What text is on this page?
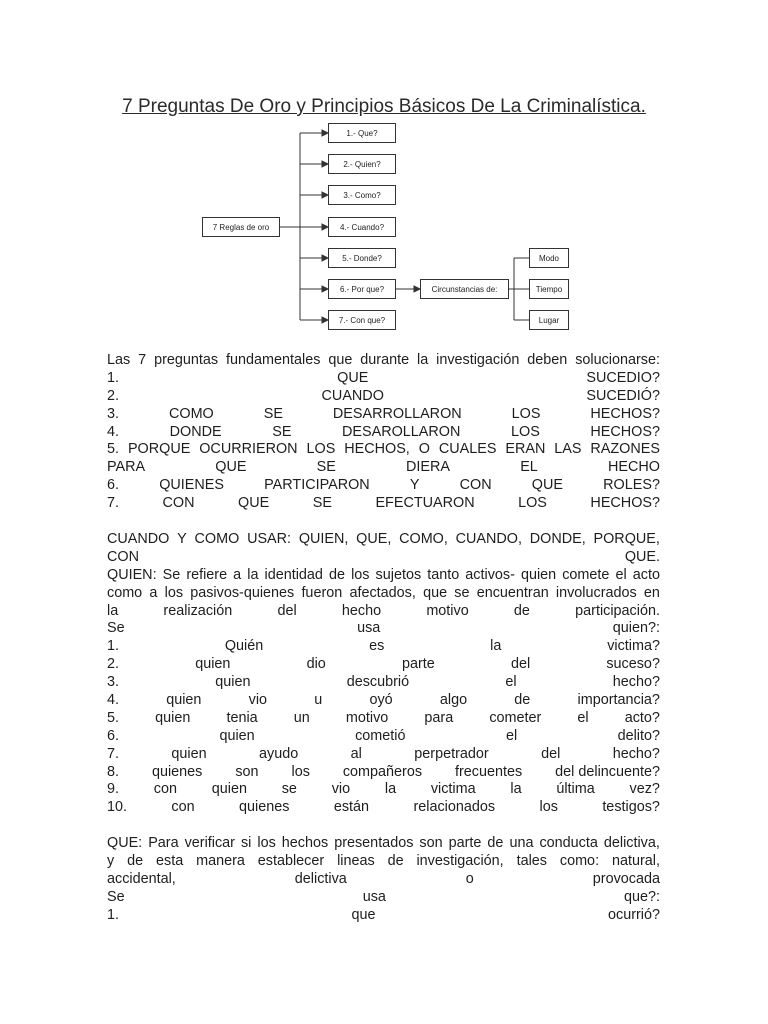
7 Preguntas De Oro y Principios Básicos De La Criminalística.
7 Reglas de oro
1.- Que?
2.- Quien?
3.- Como?
4.- Cuando?
5.- Donde?
6.- Por que?
7.- Con que?
Circunstancias de:
Modo
Tiempo
Lugar
Las 7 preguntas fundamentales que durante la investigación deben solucionarse:
1.	QUE	SUCEDIO?
2.	CUANDO	SUCEDIÓ?
3.	COMO	SE	DESARROLLARON	LOS	HECHOS?
4.	DONDE	SE	DESAROLLARON	LOS	HECHOS?
5. PORQUE OCURRIERON LOS HECHOS, O CUALES ERAN LAS RAZONES
PARA	QUE	SE	DIERA	EL	HECHO
6.	QUIENES	PARTICIPARON	Y	CON	QUE	ROLES?
7.	CON	QUE	SE	EFECTUARON	LOS	HECHOS?
CUANDO Y COMO USAR: QUIEN, QUE, COMO, CUANDO, DONDE, PORQUE,
CON	QUE.
QUIEN: Se refiere a la identidad de los sujetos tanto activos- quien comete el acto
como a los pasivos-quienes fueron afectados, que se encuentran involucrados en
la	realización	del	hecho	motivo	de	participación.
Se	usa	quien?:
1.	Quién	es	la	victima?
2.	quien	dio	parte	del	suceso?
3.	quien	descubrió	el	hecho?
4.	quien	vio	u	oyó	algo	de	importancia?
5.	quien	tenia	un	motivo	para	cometer	el	acto?
6.	quien	cometió	el	delito?
7.	quien	ayudo	al	perpetrador	del	hecho?
8. quienes son los compañeros frecuentes del delincuente?
9. con quien se vio la victima la última vez?
10.	con	quienes	están	relacionados	los	testigos?
QUE: Para verificar si los hechos presentados son parte de una conducta delictiva,
y de esta manera establecer lineas de investigación, tales como: natural,
accidental,	delictiva	o	provocada
Se	usa	que?:
1.	que	ocurrió?
